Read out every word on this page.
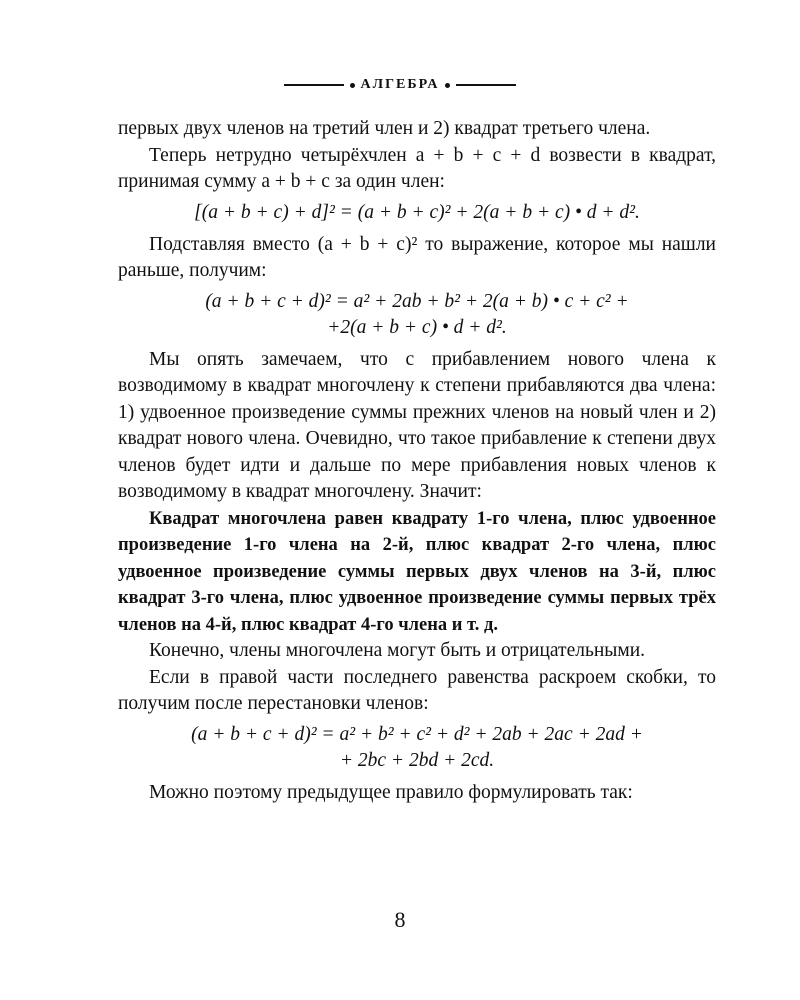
АЛГЕБРА

первых двух членов на третий член и 2) квадрат третьего члена.

Теперь нетрудно четырёхчлен a + b + c + d возвести в квадрат, принимая сумму a + b + c за один член:

[(a + b + c) + d]² = (a + b + c)² + 2(a + b + c) • d + d².

Подставляя вместо (a + b + c)² то выражение, которое мы нашли раньше, получим:

(a + b + c + d)² = a² + 2ab + b² + 2(a + b) • c + c² +
+2(a + b + c) • d + d².

Мы опять замечаем, что с прибавлением нового члена к возводимому в квадрат многочлену к степени прибавляются два члена: 1) удвоенное произведение суммы прежних членов на новый член и 2) квадрат нового члена. Очевидно, что такое прибавление к степени двух членов будет идти и дальше по мере прибавления новых членов к возводимому в квадрат многочлену. Значит:

Квадрат многочлена равен квадрату 1-го члена, плюс удвоенное произведение 1-го члена на 2-й, плюс квадрат 2-го члена, плюс удвоенное произведение суммы первых двух членов на 3-й, плюс квадрат 3-го члена, плюс удвоенное произведение суммы первых трёх членов на 4-й, плюс квадрат 4-го члена и т. д.

Конечно, члены многочлена могут быть и отрицательными.

Если в правой части последнего равенства раскроем скобки, то получим после перестановки членов:

(a + b + c + d)² = a² + b² + c² + d² + 2ab + 2ac + 2ad +
+ 2bc + 2bd + 2cd.

Можно поэтому предыдущее правило формулировать так:

8
